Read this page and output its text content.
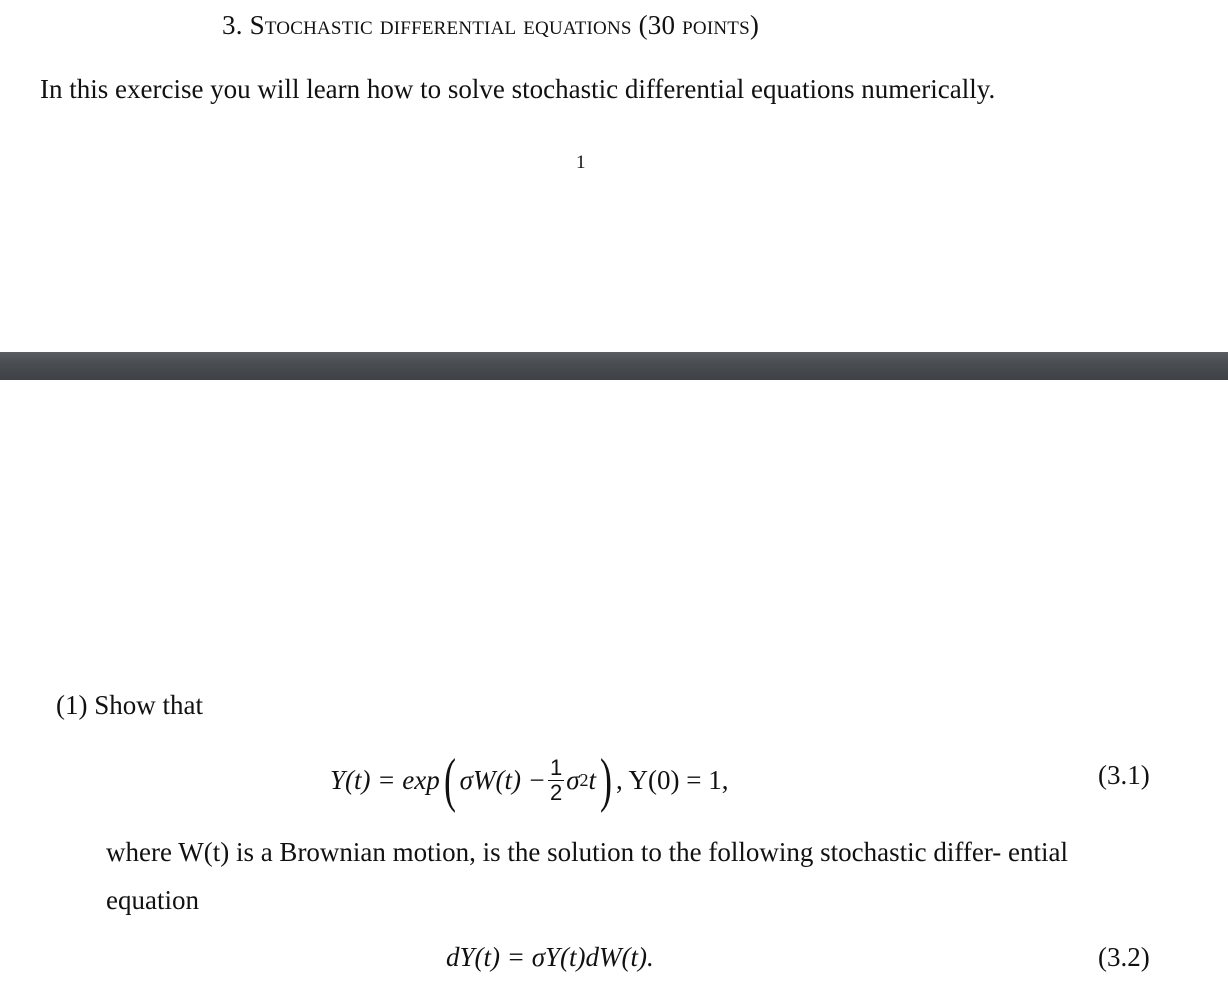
3. Stochastic differential equations (30 points)
In this exercise you will learn how to solve stochastic differential equations numerically.
1
(1) Show that
Y(t) = exp ( $\sigma W(t) - \frac{1}{2}$ σ 2 t ) , Y(0) = 1,	(3.1)
where W(t) is a Brownian motion, is the solution to the following stochastic differ- ential equation
dY(t) = σY(t)dW(t).	(3.2)
